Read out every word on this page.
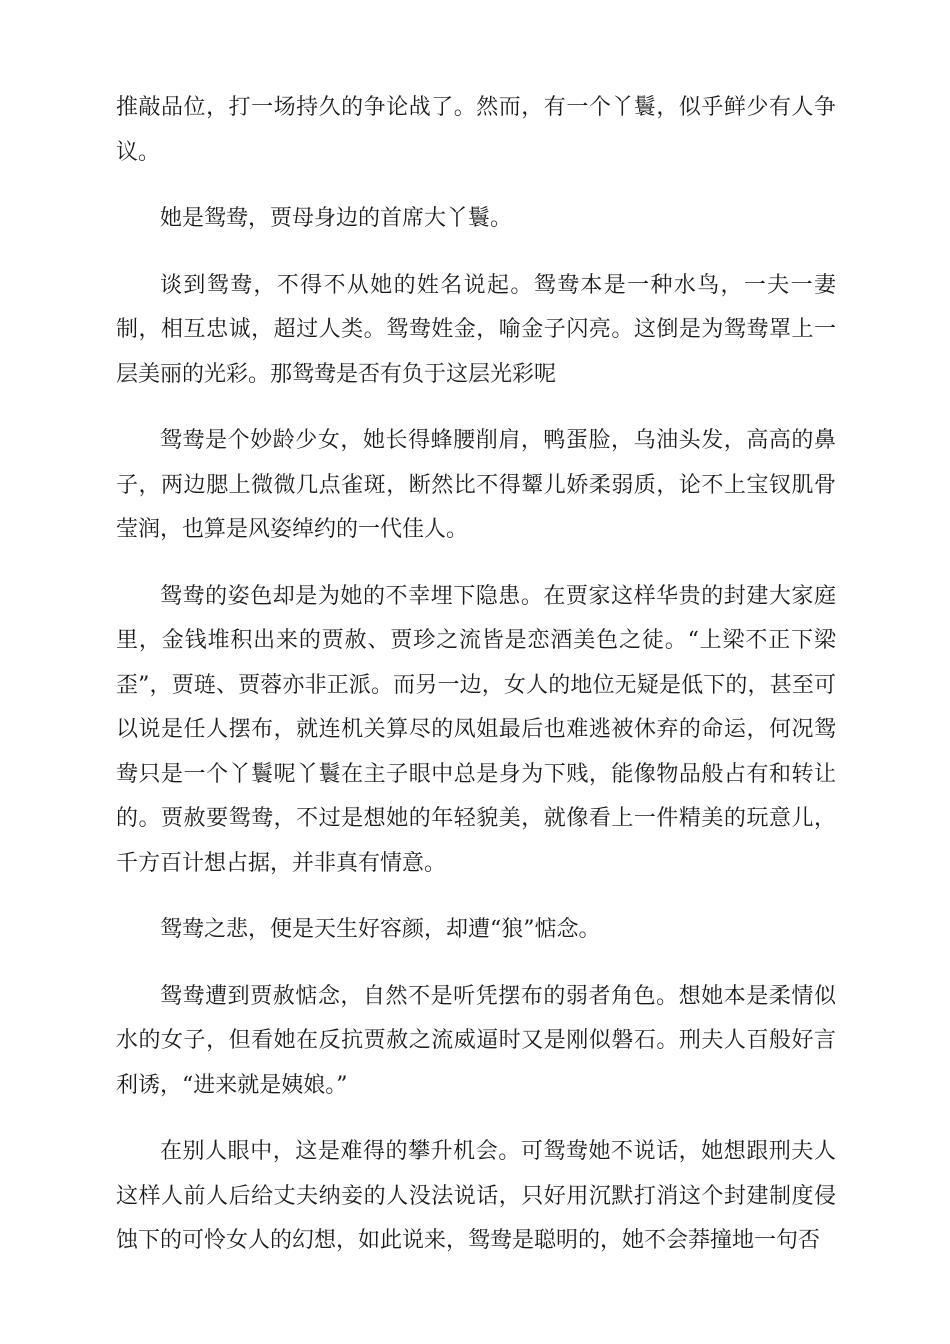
推敲品位，打一场持久的争论战了。然而，有一个丫鬟，似乎鲜少有人争议。

她是鸳鸯，贾母身边的首席大丫鬟。

谈到鸳鸯，不得不从她的姓名说起。鸳鸯本是一种水鸟，一夫一妻制，相互忠诚，超过人类。鸳鸯姓金，喻金子闪亮。这倒是为鸳鸯罩上一层美丽的光彩。那鸳鸯是否有负于这层光彩呢

鸳鸯是个妙龄少女，她长得蜂腰削肩，鸭蛋脸，乌油头发，高高的鼻子，两边腮上微微几点雀斑，断然比不得颦儿娇柔弱质，论不上宝钗肌骨莹润，也算是风姿绰约的一代佳人。

鸳鸯的姿色却是为她的不幸埋下隐患。在贾家这样华贵的封建大家庭里，金钱堆积出来的贾赦、贾珍之流皆是恋酒美色之徒。“上梁不正下梁歪”，贾琏、贾蓉亦非正派。而另一边，女人的地位无疑是低下的，甚至可以说是任人摆布，就连机关算尽的凤姐最后也难逃被休弃的命运，何况鸳鸯只是一个丫鬟呢丫鬟在主子眼中总是身为下贱，能像物品般占有和转让的。贾赦要鸳鸯，不过是想她的年轻貌美，就像看上一件精美的玩意儿，千方百计想占据，并非真有情意。

鸳鸯之悲，便是天生好容颜，却遭“狼”惦念。

鸳鸯遭到贾赦惦念，自然不是听凭摆布的弱者角色。想她本是柔情似水的女子，但看她在反抗贾赦之流威逼时又是刚似磐石。刑夫人百般好言利诱，“进来就是姨娘。”

在别人眼中，这是难得的攀升机会。可鸳鸯她不说话，她想跟刑夫人这样人前人后给丈夫纳妾的人没法说话，只好用沉默打消这个封建制度侵蚀下的可怜女人的幻想，如此说来，鸳鸯是聪明的，她不会莽撞地一句否
